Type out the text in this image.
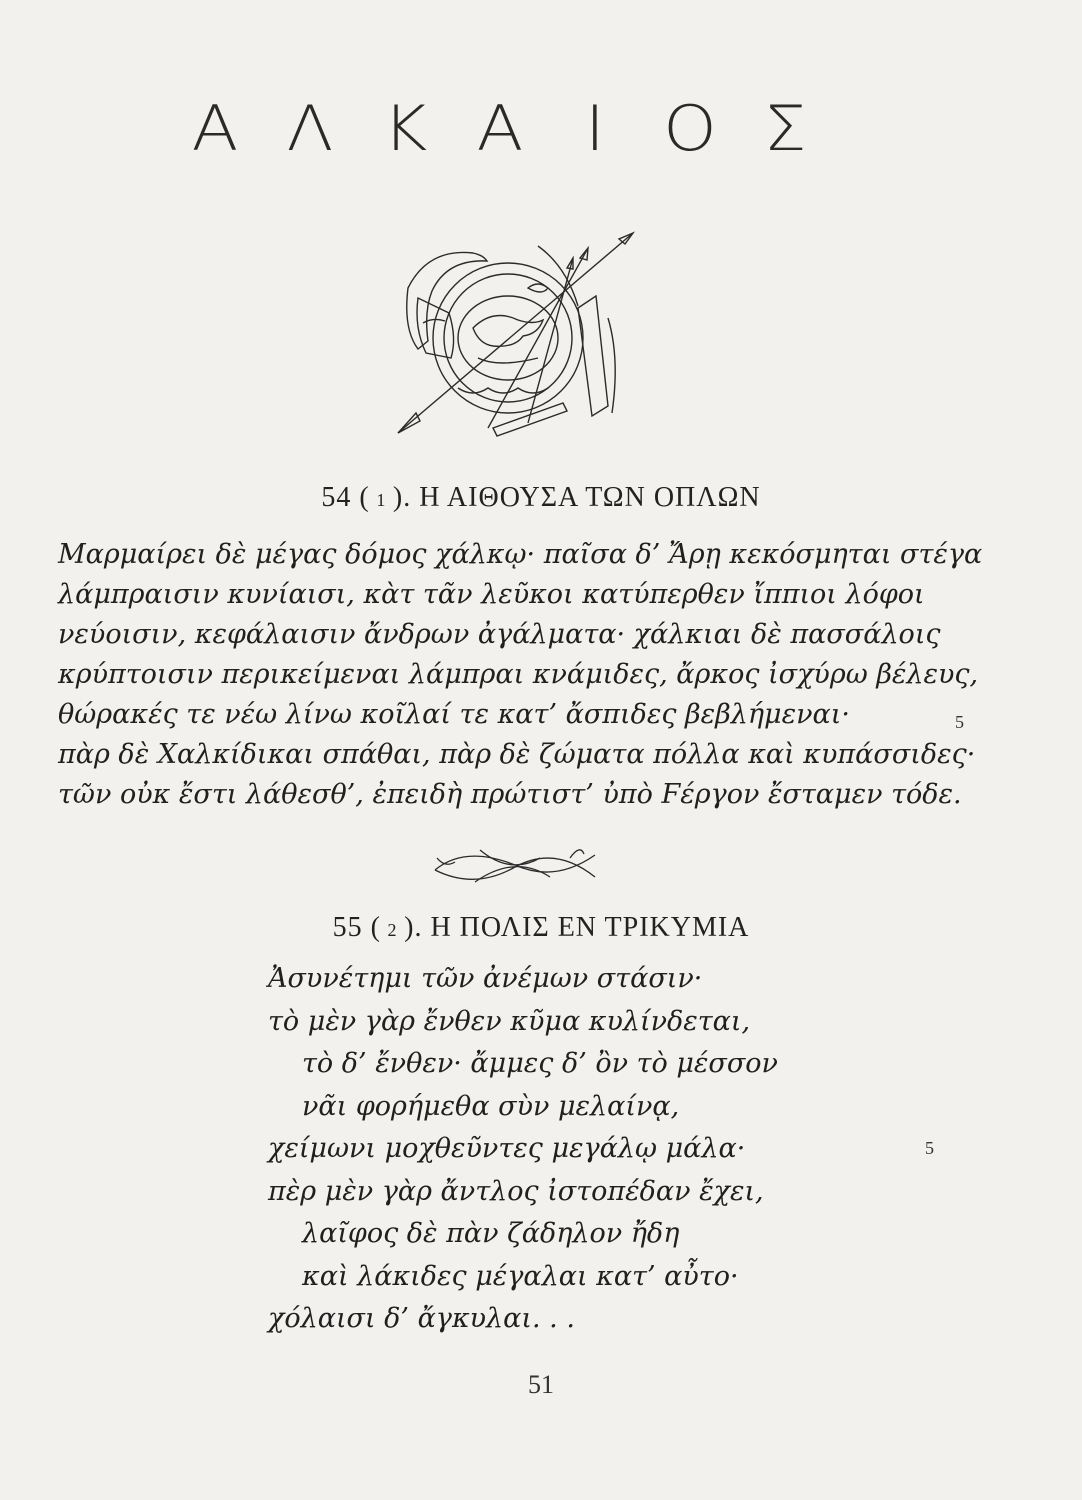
Α Λ Κ Α Ι Ο Σ
54 ( 1 ). Η ΑΙΘΟΥΣΑ ΤΩΝ ΟΠΛΩΝ
Μαρμαίρει δὲ μέγας δόμος χάλκῳ· παῖσα δ’ Ἄρῃ κεκόσμηται στέγα
λάμπραισιν κυνίαισι, κὰτ τᾶν λεῦκοι κατύπερθεν ἴππιοι λόφοι
νεύοισιν, κεφάλαισιν ἄνδρων ἀγάλματα· χάλκιαι δὲ πασσάλοις
κρύπτοισιν περικείμεναι λάμπραι κνάμιδες, ἄρκος ἰσχύρω βέλευς,
θώρακές τε νέω λίνω κοῖλαί τε κατ’ ἄσπιδες βεβλήμεναι·
πὰρ δὲ Χαλκίδικαι σπάθαι, πὰρ δὲ ζώματα πόλλα καὶ κυπάσσιδες·
τῶν οὐκ ἔστι λάθεσθ’, ἐπειδὴ πρώτιστ’ ὐπὸ Ϝέργον ἔσταμεν τόδε.
5
55 ( 2 ). Η ΠΟΛΙΣ ΕΝ ΤΡΙΚΥΜΙΑ
Ἀσυνέτημι τῶν ἀνέμων στάσιν·
τὸ μὲν γὰρ ἔνθεν κῦμα κυλίνδεται,
τὸ δ’ ἔνθεν· ἄμμες δ’ ὂν τὸ μέσσον
νᾶι φορήμεθα σὺν μελαίνᾳ,
χείμωνι μοχθεῦντες μεγάλῳ μάλα·
πὲρ μὲν γὰρ ἄντλος ἰστοπέδαν ἔχει,
λαῖφος δὲ πὰν ζάδηλον ἤδη
καὶ λάκιδες μέγαλαι κατ’ αὖτο·
χόλαισι δ’ ἄγκυλαι. . .
5
51
